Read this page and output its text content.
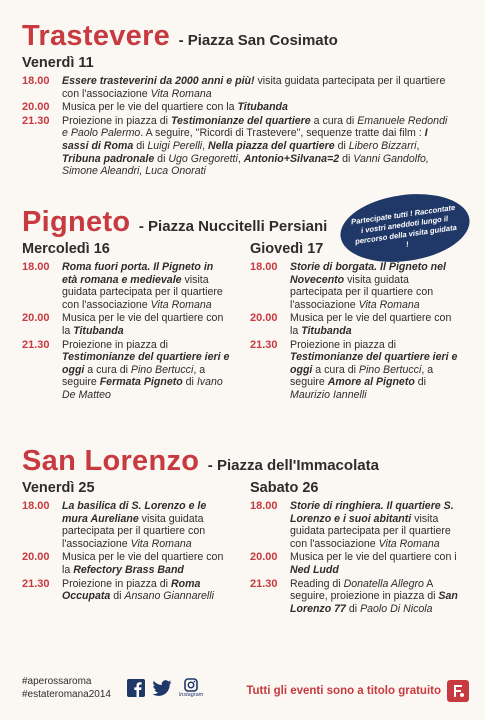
Trastevere - Piazza San Cosimato
Venerdì 11
18.00	Essere trasteverini da 2000 anni e più! visita guidata partecipata per il quartiere con l'associazione Vita Romana
20.00	Musica per le vie del quartiere con la Titubanda
21.30	Proiezione in piazza di Testimonianze del quartiere a cura di Emanuele Redondi e Paolo Palermo. A seguire, "Ricordi di Trastevere", sequenze tratte dai film : I sassi di Roma di Luigi Perelli, Nella piazza del quartiere di Libero Bizzarri, Tribuna padronale di Ugo Gregoretti, Antonio+Silvana=2 di Vanni Gandolfo, Simone Aleandri, Luca Onorati
Pigneto - Piazza Nuccitelli Persiani
Mercoledì 16
18.00	Roma fuori porta. Il Pigneto in età romana e medievale visita guidata partecipata per il quartiere con l'associazione Vita Romana
20.00	Musica per le vie del quartiere con la Titubanda
21.30	Proiezione in piazza di Testimonianze del quartiere ieri e oggi a cura di Pino Bertucci, a seguire Fermata Pigneto di Ivano De Matteo
Giovedì 17
18.00	Storie di borgata. Il Pigneto nel Novecento visita guidata partecipata per il quartiere con l'associazione Vita Romana
20.00	Musica per le vie del quartiere con la Titubanda
21.30	Proiezione in piazza di Testimonianze del quartiere ieri e oggi a cura di Pino Bertucci, a seguire Amore al Pigneto di Maurizio Iannelli
Partecipate tutti ! Raccontate i vostri aneddoti lungo il percorso della visita guidata !
San Lorenzo - Piazza dell'Immacolata
Venerdì 25
18.00	La basilica di S. Lorenzo e le mura Aureliane visita guidata partecipata per il quartiere con l'associazione Vita Romana
20.00	Musica per le vie del quartiere con la Refectory Brass Band
21.30	Proiezione in piazza di Roma Occupata di Ansano Giannarelli
Sabato 26
18.00	Storie di ringhiera. Il quartiere S. Lorenzo e i suoi abitanti visita guidata partecipata per il quartiere con l'associazione Vita Romana
20.00	Musica per le vie del quartiere con i Ned Ludd
21.30	Reading di Donatella Allegro A seguire, proiezione in piazza di San Lorenzo 77 di Paolo Di Nicola
#aperossaroma
#estateromana2014	Instagram	Tutti gli eventi sono a titolo gratuito
